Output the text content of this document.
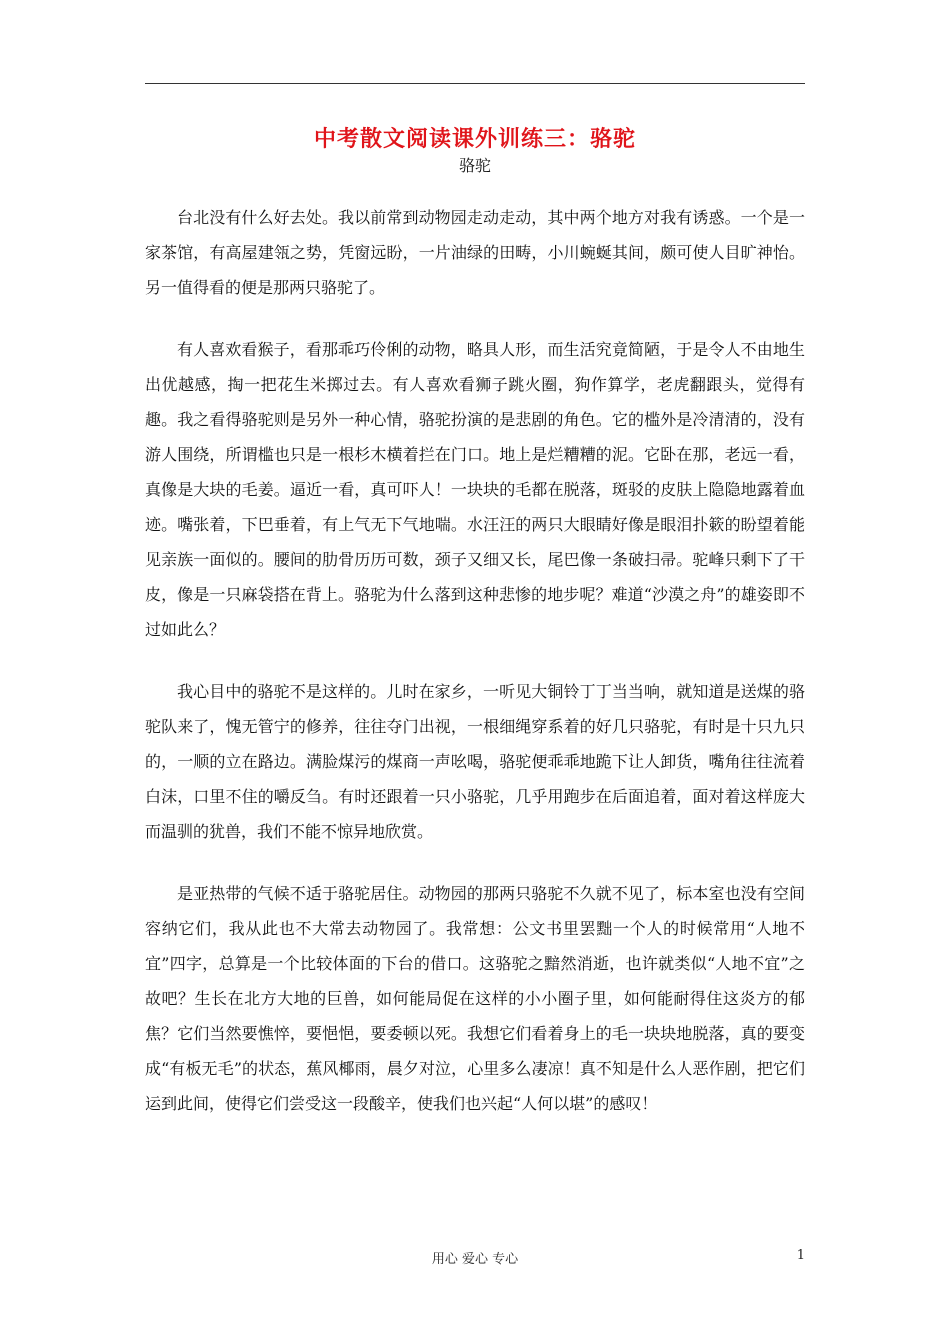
中考散文阅读课外训练三：骆驼
骆驼

台北没有什么好去处。我以前常到动物园走动走动，其中两个地方对我有诱惑。一个是一家茶馆，有高屋建瓴之势，凭窗远盼，一片油绿的田畴，小川蜿蜒其间，颇可使人目旷神怡。另一值得看的便是那两只骆驼了。

有人喜欢看猴子，看那乖巧伶俐的动物，略具人形，而生活究竟简陋，于是令人不由地生出优越感，掏一把花生米掷过去。有人喜欢看狮子跳火圈，狗作算学，老虎翻跟头，觉得有趣。我之看得骆驼则是另外一种心情，骆驼扮演的是悲剧的角色。它的槛外是冷清清的，没有游人围绕，所谓槛也只是一根杉木横着拦在门口。地上是烂糟糟的泥。它卧在那，老远一看，真像是大块的毛姜。逼近一看，真可吓人！一块块的毛都在脱落，斑驳的皮肤上隐隐地露着血迹。嘴张着，下巴垂着，有上气无下气地喘。水汪汪的两只大眼睛好像是眼泪扑簌的盼望着能见亲族一面似的。腰间的肋骨历历可数，颈子又细又长，尾巴像一条破扫帚。驼峰只剩下了干皮，像是一只麻袋搭在背上。骆驼为什么落到这种悲惨的地步呢？难道“沙漠之舟”的雄姿即不过如此么？

我心目中的骆驼不是这样的。儿时在家乡，一听见大铜铃丁丁当当响，就知道是送煤的骆驼队来了，愧无管宁的修养，往往夺门出视，一根细绳穿系着的好几只骆驼，有时是十只九只的，一顺的立在路边。满脸煤污的煤商一声吆喝，骆驼便乖乖地跪下让人卸货，嘴角往往流着白沫，口里不住的嚼反刍。有时还跟着一只小骆驼，几乎用跑步在后面追着，面对着这样庞大而温驯的犹兽，我们不能不惊异地欣赏。

是亚热带的气候不适于骆驼居住。动物园的那两只骆驼不久就不见了，标本室也没有空间容纳它们，我从此也不大常去动物园了。我常想：公文书里罢黜一个人的时候常用“人地不宜”四字，总算是一个比较体面的下台的借口。这骆驼之黯然消逝，也许就类似“人地不宜”之故吧？生长在北方大地的巨兽，如何能局促在这样的小小圈子里，如何能耐得住这炎方的郁焦？它们当然要憔悴，要悒悒，要委顿以死。我想它们看着身上的毛一块块地脱落，真的要变成“有板无毛”的状态，蕉风椰雨，晨夕对泣，心里多么凄凉！真不知是什么人恶作剧，把它们运到此间，使得它们尝受这一段酸辛，使我们也兴起“人何以堪”的感叹！

用心 爱心 专心	1
